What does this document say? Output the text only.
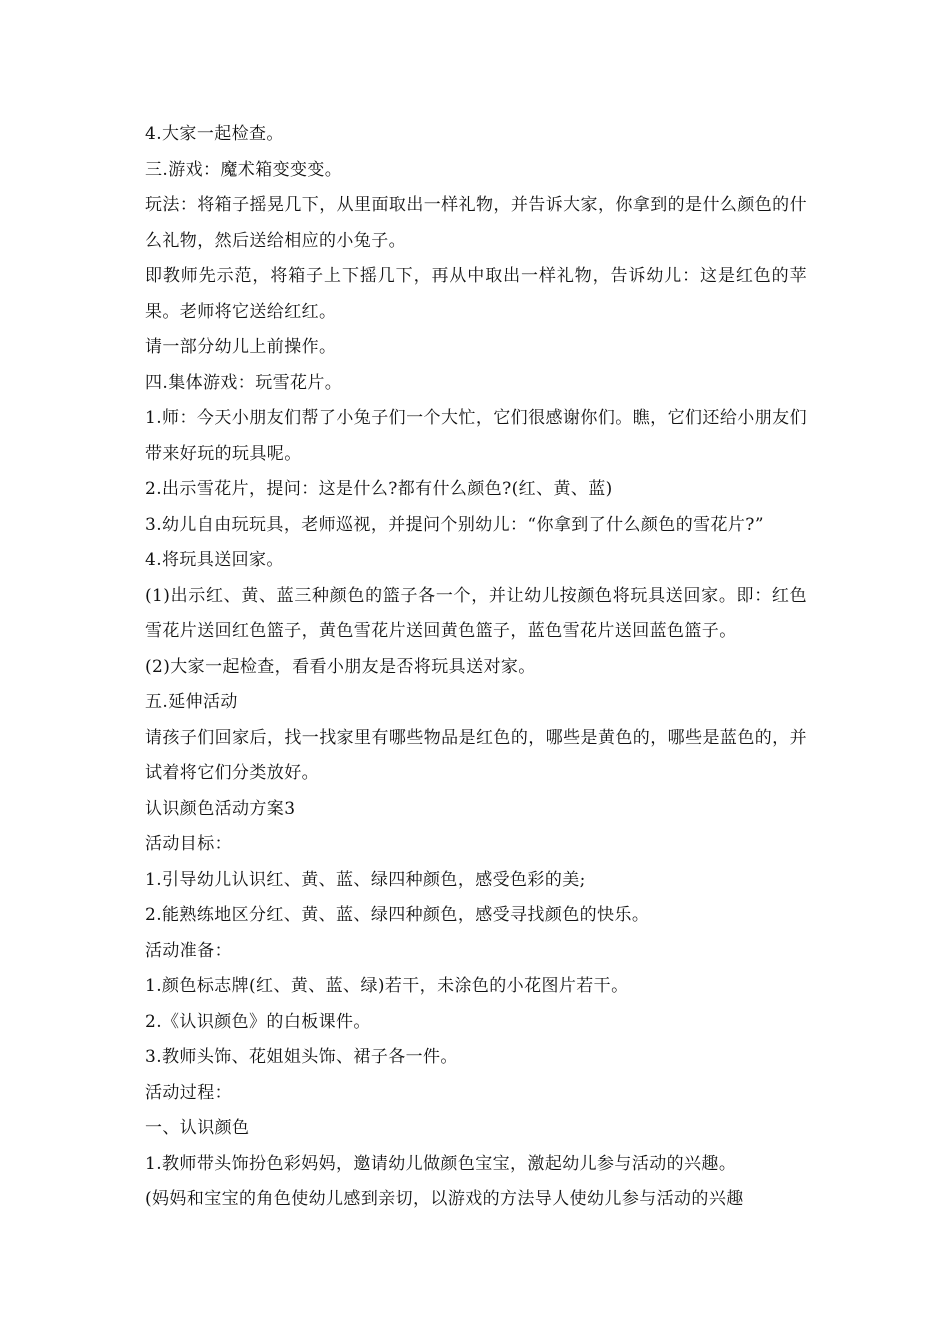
4.大家一起检查。

三.游戏：魔术箱变变变。

玩法：将箱子摇晃几下，从里面取出一样礼物，并告诉大家，你拿到的是什么颜色的什么礼物，然后送给相应的小兔子。

即教师先示范，将箱子上下摇几下，再从中取出一样礼物，告诉幼儿：这是红色的苹果。老师将它送给红红。

请一部分幼儿上前操作。

四.集体游戏：玩雪花片。

1.师：今天小朋友们帮了小兔子们一个大忙，它们很感谢你们。瞧，它们还给小朋友们带来好玩的玩具呢。

2.出示雪花片，提问：这是什么?都有什么颜色?(红、黄、蓝)

3.幼儿自由玩玩具，老师巡视，并提问个别幼儿：“你拿到了什么颜色的雪花片?”

4.将玩具送回家。

(1)出示红、黄、蓝三种颜色的篮子各一个，并让幼儿按颜色将玩具送回家。即：红色雪花片送回红色篮子，黄色雪花片送回黄色篮子，蓝色雪花片送回蓝色篮子。

(2)大家一起检查，看看小朋友是否将玩具送对家。

五.延伸活动

请孩子们回家后，找一找家里有哪些物品是红色的，哪些是黄色的，哪些是蓝色的，并试着将它们分类放好。

认识颜色活动方案3

活动目标：

1.引导幼儿认识红、黄、蓝、绿四种颜色，感受色彩的美;

2.能熟练地区分红、黄、蓝、绿四种颜色，感受寻找颜色的快乐。

活动准备：

1.颜色标志牌(红、黄、蓝、绿)若干，未涂色的小花图片若干。

2.《认识颜色》的白板课件。

3.教师头饰、花姐姐头饰、裙子各一件。

活动过程：

一、认识颜色

1.教师带头饰扮色彩妈妈，邀请幼儿做颜色宝宝，激起幼儿参与活动的兴趣。

(妈妈和宝宝的角色使幼儿感到亲切，以游戏的方法导人使幼儿参与活动的兴趣
